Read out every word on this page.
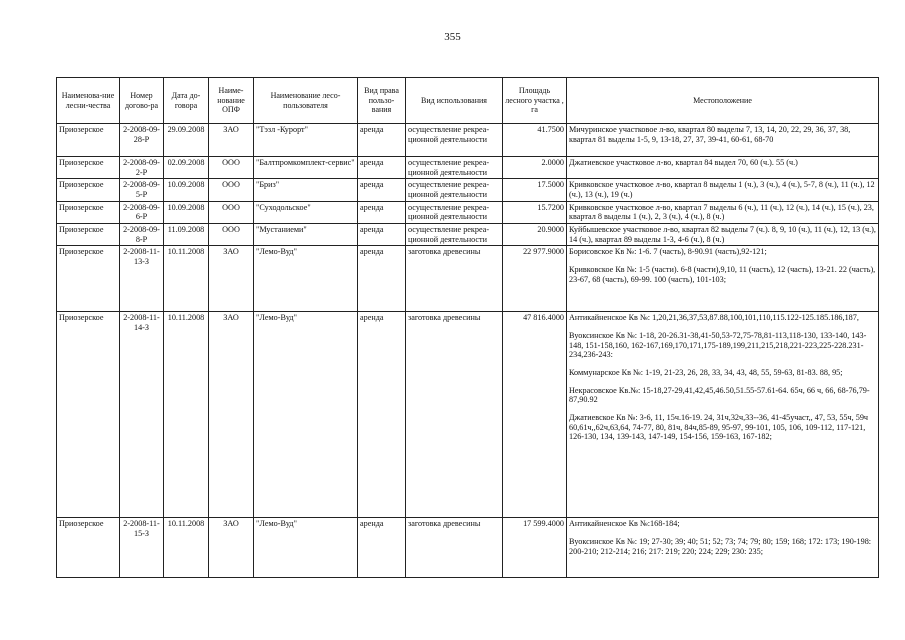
355
Наименова-ние лесни-чества	Номер догово-ра	Дата до-говора	Наиме-нование ОПФ	Наименование лесо-пользователя	Вид права пользо-вания	Вид использования	Площадь лесного участка , га	Местоположение
Приозерское	2-2008-09-28-Р	29.09.2008	ЗАО	"Тэзл -Курорт"	аренда	осуществление рекреа-ционной деятельности	41.7500	Мичуринское участковое л-во, квартал 80 выделы 7, 13, 14, 20, 22, 29, 36, 37, 38, квартал 81 выделы 1-5, 9, 13-18, 27, 37, 39-41, 60-61, 68-70

Приозерское	2-2008-09-2-Р	02.09.2008	ООО	"Балтпромкомплект-сервис"	аренда	осуществление рекреа-ционной деятельности	2.0000	Джатиевское участковое л-во, квартал 84 выдел 70, 60 (ч.). 55 (ч.)

Приозерское	2-2008-09-5-Р	10.09.2008	ООО	"Бриз"	аренда	осуществление рекреа-ционной деятельности	17.5000	Кривковское участковое л-во, квартал 8 выделы 1 (ч.), 3 (ч.), 4 (ч.), 5-7, 8 (ч.), 11 (ч.), 12 (ч.), 13 (ч.), 19 (ч.)

Приозерское	2-2008-09-6-Р	10.09.2008	ООО	"Суходольское"	аренда	осуществление рекреа-ционной деятельности	15.7200	Кривковское участковое л-во, квартал 7 выделы 6 (ч.), 11 (ч.), 12 (ч.), 14 (ч.), 15 (ч.), 23, квартал 8 выделы 1 (ч.), 2, 3 (ч.), 4 (ч.), 8 (ч.)

Приозерское	2-2008-09-8-Р	11.09.2008	ООО	"Мустаниеми"	аренда	осуществление рекреа-ционной деятельности	20.9000	Куйбышевское участковое л-во, квартал 82 выделы 7 (ч.). 8, 9, 10 (ч.), 11 (ч.), 12, 13 (ч.), 14 (ч.), квартал 89 выделы 1-3, 4-6 (ч.), 8 (ч.)

Приозерское	2-2008-11-13-З	10.11.2008	ЗАО	"Лемо-Вуд"	аренда	заготовка древесины	22 977.9000	Борисовское Кв №: 1-6. 7 (часть), 8-90.91 (часть),92-121;

Кривковское Кв №: 1-5 (части). 6-8 (части),9,10, 11 (часть), 12 (часть), 13-21. 22 (часть), 23-67, 68 (часть), 69-99. 100 (часть), 101-103;

Приозерское	2-2008-11-14-З	10.11.2008	ЗАО	"Лемо-Вуд"	аренда	заготовка древесины	47 816.4000	Антикайненское Кв №: 1,20,21,36,37,53,87.88,100,101,110,115.122-125.185.186,187,

Вуоксинское Кв №: 1-18, 20-26.31-38,41-50,53-72,75-78,81-113,118-130, 133-140, 143-148, 151-158,160, 162-167,169,170,171,175-189,199,211,215,218,221-223,225-228.231-234,236-243:

Коммунарское Кв №: 1-19, 21-23, 26, 28, 33, 34, 43, 48, 55, 59-63, 81-83. 88, 95;

Некрасовское Кв.№: 15-18,27-29,41,42,45,46.50,51.55-57.61-64. 65ч, 66 ч, 66, 68-76,79-87,90.92

Джатиевское Кв №: 3-6, 11, 15ч.16-19. 24, 31ч,32ч,33--36, 41-45участ,, 47, 53, 55ч, 59ч 60,61ч,,62ч,63,64, 74-77, 80, 81ч, 84ч,85-89, 95-97, 99-101, 105, 106, 109-112, 117-121, 126-130, 134, 139-143, 147-149, 154-156, 159-163, 167-182;

Приозерское	2-2008-11-15-З	10.11.2008	ЗАО	"Лемо-Вуд"	аренда	заготовка древесины	17 599.4000	Антикайненское Кв №:168-184;

Вуоксинское Кв №: 19; 27-30; 39; 40; 51; 52; 73; 74; 79; 80; 159; 168; 172: 173; 190-198: 200-210; 212-214; 216; 217: 219; 220; 224; 229; 230: 235;
